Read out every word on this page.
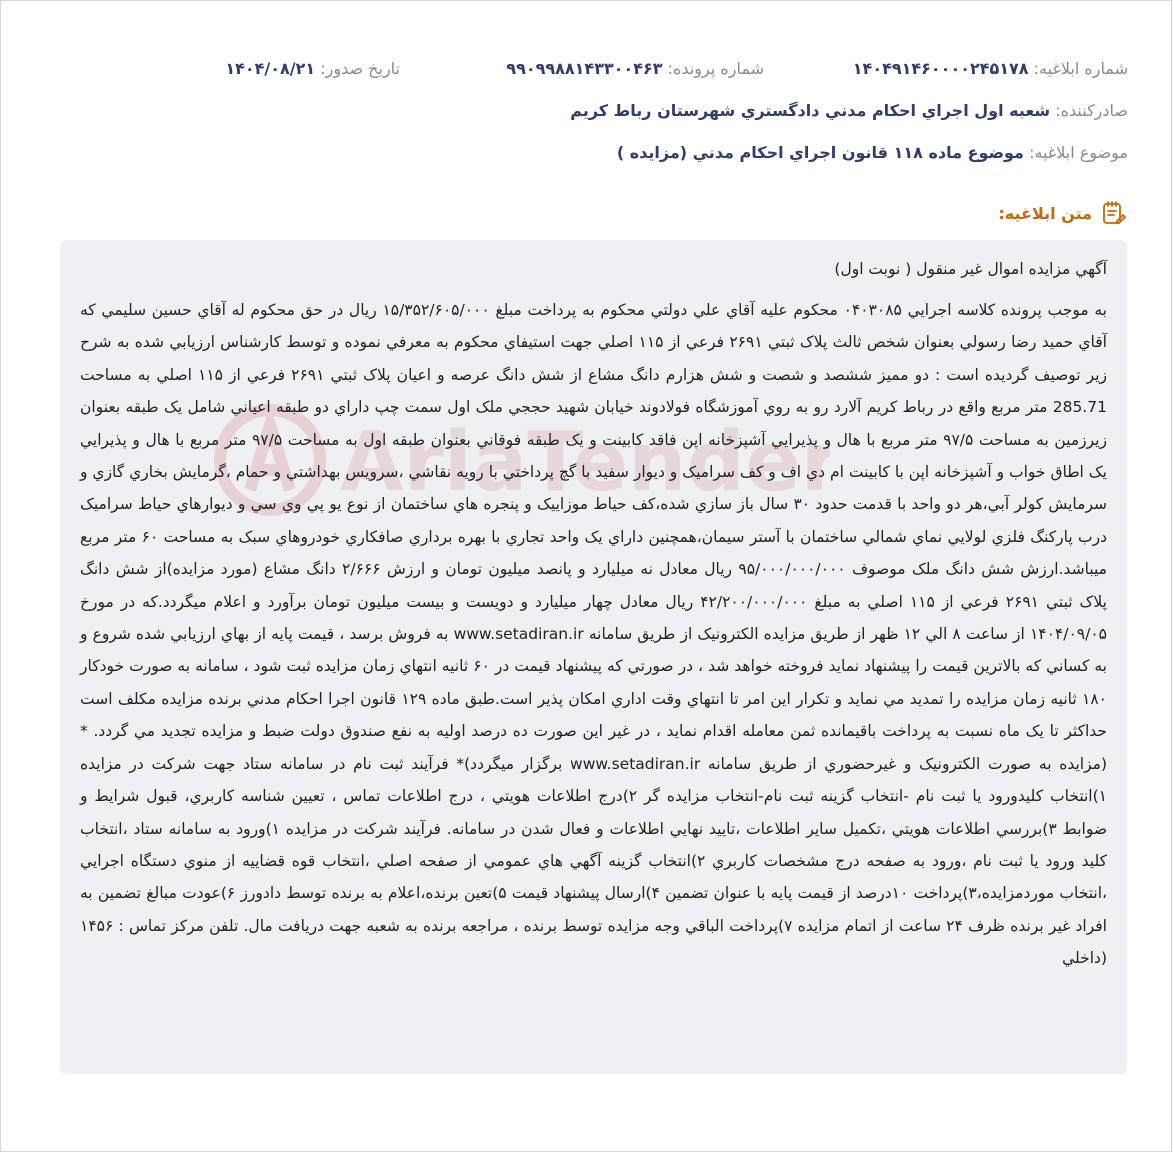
شماره ابلاغيه: ۱۴۰۴۹۱۴۶۰۰۰۰۲۴۵۱۷۸
شماره پرونده: ۹۹۰۹۹۸۸۱۴۳۳۰۰۴۶۳
تاريخ صدور: ۱۴۰۴/۰۸/۲۱
صادرکننده: شعبه اول اجراي احکام مدني دادگستري شهرستان رباط کريم
موضوع ابلاغيه: موضوع ماده ۱۱۸ قانون اجراي احکام مدني (مزايده )
متن ابلاغيه:
AriaTender
آگهي مزايده اموال غير منقول ( نوبت اول)

به موجب پرونده کلاسه اجرايي ۰۴۰۳۰۸۵ محکوم عليه آقاي علي دولتي محکوم به پرداخت مبلغ ۱۵/۳۵۲/۶۰۵/۰۰۰ ريال در حق محکوم له آقاي حسين سليمي که آقاي حميد رضا رسولي بعنوان شخص ثالث پلاک ثبتي ۲۶۹۱ فرعي از ۱۱۵ اصلي جهت استيفاي محکوم به معرفي نموده و توسط کارشناس ارزيابي شده به شرح زير توصيف گرديده است : دو مميز ششصد و شصت و شش هزارم دانگ مشاع از شش دانگ عرصه و اعيان پلاک ثبتي ۲۶۹۱ فرعي از ۱۱۵ اصلي به مساحت 285.71 متر مربع واقع در رباط کريم آلارد رو به روي آموزشگاه فولادوند خيابان شهيد حججي ملک اول سمت چپ داراي دو طبقه اعياني شامل يک طبقه بعنوان زيرزمين به مساحت ۹۷/۵ متر مربع با هال و پذيرايي آشپزخانه اپن فاقد کابينت و يک طبقه فوقاني بعنوان طبقه اول به مساحت ۹۷/۵ متر مربع با هال و پذيرايي يک اطاق خواب و آشپزخانه اپن با کابينت ام دي اف و کف سراميک و ديوار سفيد با گچ پرداختي با رويه نقاشي ،سرويس بهداشتي و حمام ،گرمايش بخاري گازي و سرمايش کولر آبي،هر دو واحد با قدمت حدود ۳۰ سال باز سازي شده،کف حياط موزاييک و پنجره هاي ساختمان از نوع يو پي وي سي و ديوارهاي حياط سراميک درب پارکنگ فلزي لولايي نماي شمالي ساختمان با آستر سيمان،همچنين داراي يک واحد تجاري با بهره برداري صافکاري خودروهاي سبک به مساحت ۶۰ متر مربع ميباشد.ارزش شش دانگ ملک موصوف ۹۵/۰۰۰/۰۰۰/۰۰۰ ريال معادل نه ميليارد و پانصد ميليون تومان و ارزش ۲/۶۶۶ دانگ مشاع (مورد مزايده)از شش دانگ پلاک ثبتي ۲۶۹۱ فرعي از ۱۱۵ اصلي به مبلغ ۴۲/۲۰۰/۰۰۰/۰۰۰ ريال معادل چهار ميليارد و دويست و بيست ميليون تومان برآورد و اعلام ميگردد.که در مورخ ۱۴۰۴/۰۹/۰۵ از ساعت ۸ الي ۱۲ ظهر از طريق مزايده الکترونيک از طريق سامانه www.setadiran.ir به فروش برسد ، قيمت پايه از بهاي ارزيابي شده شروع و به کساني که بالاترين قيمت را پيشنهاد نمايد فروخته خواهد شد ، در صورتي که پيشنهاد قيمت در ۶۰ ثانيه انتهاي زمان مزايده ثبت شود ، سامانه به صورت خودکار ۱۸۰ ثانيه زمان مزايده را تمديد مي نمايد و تکرار اين امر تا انتهاي وقت اداري امکان پذير است.طبق ماده ۱۲۹ قانون اجرا احکام مدني برنده مزايده مکلف است حداکثر تا يک ماه نسبت به پرداخت باقيمانده ثمن معامله اقدام نمايد ، در غير اين صورت ده درصد اوليه به نفع صندوق دولت ضبط و مزايده تجديد مي گردد. *(مزايده به صورت الکترونيک و غيرحضوري از طريق سامانه www.setadiran.ir برگزار ميگردد)* فرآيند ثبت نام در سامانه ستاد جهت شرکت در مزايده ۱)انتخاب کليدورود يا ثبت نام -انتخاب گزينه ثبت نام-انتخاب مزايده گر ۲)درج اطلاعات هويتي ، درج اطلاعات تماس ، تعيين شناسه کاربري، قبول شرايط و ضوابط ۳)بررسي اطلاعات هويتي ،تکميل ساير اطلاعات ،تاييد نهايي اطلاعات و فعال شدن در سامانه. فرآيند شرکت در مزايده ۱)ورود به سامانه ستاد ،انتخاب کليد ورود يا ثبت نام ،ورود به صفحه درج مشخصات کاربري ۲)انتخاب گزينه آگهي هاي عمومي از صفحه اصلي ،انتخاب قوه قضاييه از منوي دستگاه اجرايي ،انتخاب موردمزايده،۳)پرداخت ۱۰درصد از قيمت پايه با عنوان تضمين ۴)ارسال پيشنهاد قيمت ۵)تعين برنده،اعلام به برنده توسط دادورز ۶)عودت مبالغ تضمين به افراد غير برنده ظرف ۲۴ ساعت از اتمام مزايده ۷)پرداخت الباقي وجه مزايده توسط برنده ، مراجعه برنده به شعبه جهت دريافت مال. تلفن مرکز تماس : ۱۴۵۶ (داخلي
